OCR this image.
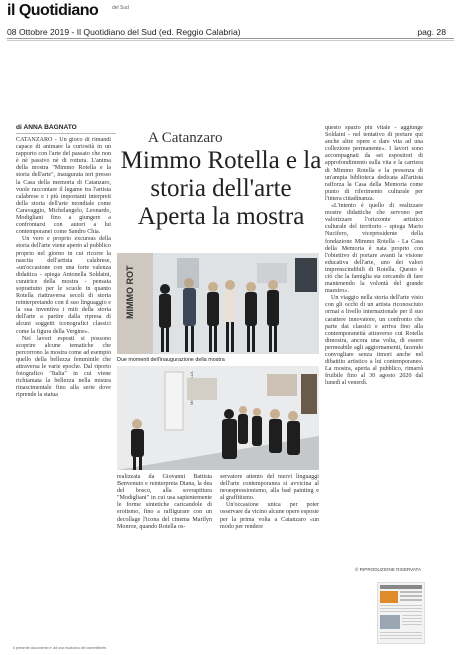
il Quotidiano	del Sud
08 Ottobre 2019 - Il Quotidiano del Sud (ed. Reggio Calabria)	pag. 28
di ANNA BAGNATO
A Catanzaro
Mimmo Rotella e la storia dell'arte Aperta la mostra

CATANZARO - Un gioco di rimandi capace di animare la curiosità in un rapporto con l'arte del passato che non è nè passivo nè di rottura. L'anima della mostra "Mimmo Rotella e la storia dell'arte", inaugurata ieri presso la Casa della memoria di Catanzaro, vuole raccontare il legame tra l'artista calabrese e i più importanti interpreti della storia dell'arte mondiale come Caravaggio, Michelangelo, Leonardo, Modigliani fino a giungere a confrontarsi con autori a lui contemporanei come Sandro Chia.

Un vero e proprio excursus della storia dell'arte viene aperto al pubblico proprio nel giorno in cui ricorre la nascita dell'artista calabrese, «un'occasione con una forte valenza didattica - spiega Antonella Soldaini, curatrice della mostra - pensata soprattutto per le scuole in quanto Rotella riattraversa secoli di storia reinterpretando con il suo linguaggio e la sua inventiva i miti della storia dell'arte a partire dalla ripresa di alcuni soggetti iconografici classici come la figura della Vergine».

Nei lavori esposti si possono scoprire alcune tematiche che percorrono la mostra come ad esempio quello della bellezza femminile che attraversa le varie epoche. Dal riporto fotografico "Italia" in cui viene richiamata la bellezza nella misura rinascimentale fino alla serie dove riprende la statua

MIMMO ROT
Due momenti dell'inaugurazione della mostra

realizzata da Giovanni Battista Benvenuto e reinterpreta Diana, la dea del bosco, alla sovrapittura "Modigliani" in cui usa sapientemente le forme sintetiche caricandole di erotismo, fino a raffigurare con un decollage l'icona del cinema Marilyn Monroe, quando Rotella os-

servatore attento del nuovi linguaggi dell'arte contemporanea si avvicina al neoespressionismo, alla bad painting e al graffitismo.

Un'occasione unica per poter osservare da vicino alcune opere esposte per la prima volta a Catanzaro «un modo per rendere

questo spazio più vitale - aggiunge Soldaini - nel tentativo di portare qui anche altre opere e dare vita ad una collezione permanente». I lavori sono accompagnati da sei espositori di approfondimento sulla vita e la carriera di Mimmo Rotella e la presenza di un'ampia biblioteca dedicata all'artista rafforza la Casa della Memoria come punto di riferimento culturale per l'intera cittadinanza.

«L'intento è quello di realizzare mostre didattiche che servono per valorizzare l'orizzonte artistico culturale del territorio - spiega Mario Nucifero, vicepresidente della fondazione Mimmo Rotella - La Casa della Memoria è nata proprio con l'obiettivo di portare avanti la visione educativa dell'arte, uno dei valori imprenscindibili di Rotella. Questo è ciò che la famiglia sta cercando di fare mantenendo la volontà del grande maestro».

Un viaggio nella storia dell'arte visto con gli occhi di un artista riconosciuto ormai a livello internazionale per il suo carattere innovatore, un confronto che parte dai classici e arriva fino alla contemporaneità attraverso cui Rotella dimostra, ancora una volta, di essere permeabile agli aggiornamenti, facendo convogliare senza timori anche nel dibattito artistico a lui contemporaneo. La mostra, aperta al pubblico, rimarrà fruibile fino al 30 agosto 2020 dal lunedì al venerdì.

© RIPRODUZIONE RISERVATA
Il presente documento e' ad uso esclusivo del committente.
